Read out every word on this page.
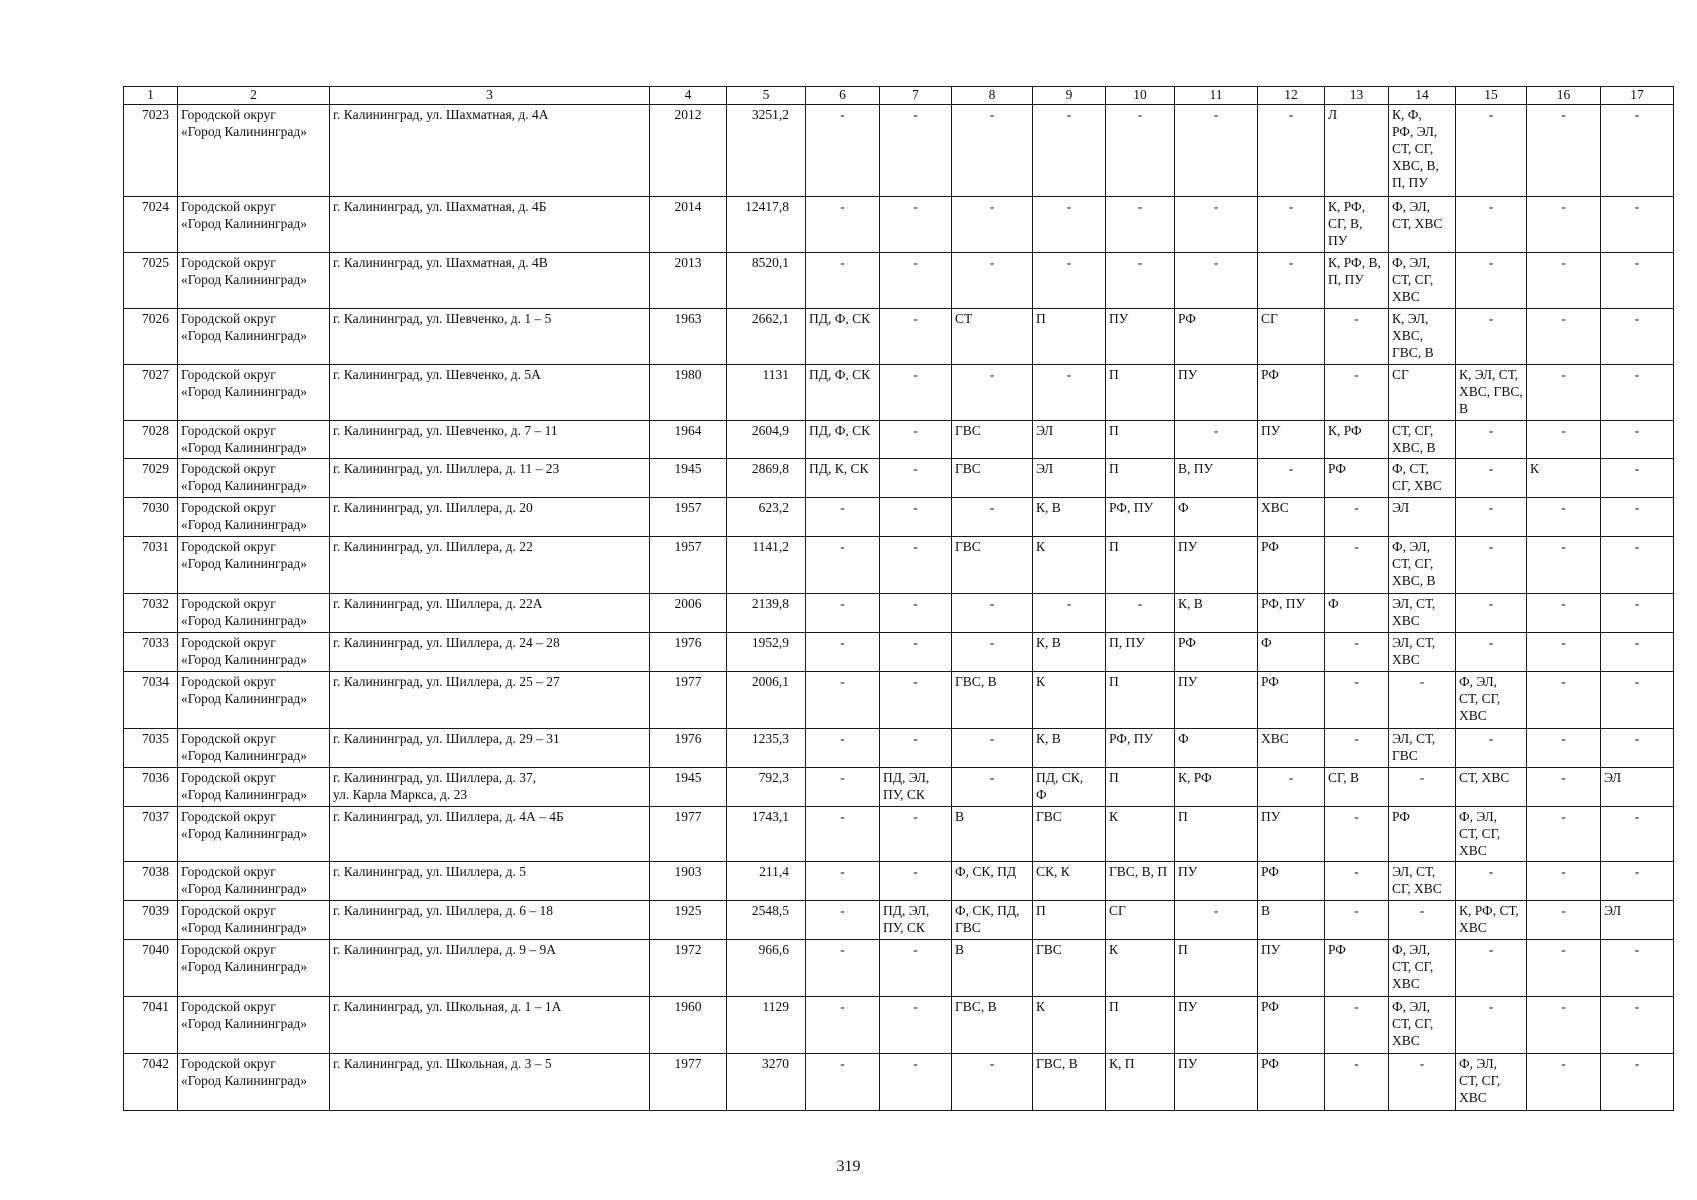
1	2	3	4	5	6	7	8	9	10	11	12	13	14	15	16	17
7023	Городской округ
«Город Калининград»	г. Калининград, ул. Шахматная, д. 4А	2012	3251,2	-	-	-	-	-	-	-	Л	К, Ф,
РФ, ЭЛ,
СТ, СГ,
ХВС, В,
П, ПУ	-	-	-
7024	Городской округ
«Город Калининград»	г. Калининград, ул. Шахматная, д. 4Б	2014	12417,8	-	-	-	-	-	-	-	К, РФ,
СГ, В,
ПУ	Ф, ЭЛ,
СТ, ХВС	-	-	-
7025	Городской округ
«Город Калининград»	г. Калининград, ул. Шахматная, д. 4В	2013	8520,1	-	-	-	-	-	-	-	К, РФ, В,
П, ПУ	Ф, ЭЛ,
СТ, СГ,
ХВС	-	-	-
7026	Городской округ
«Город Калининград»	г. Калининград, ул. Шевченко, д. 1 – 5	1963	2662,1	ПД, Ф, СК	-	СТ	П	ПУ	РФ	СГ	-	К, ЭЛ,
ХВС,
ГВС, В	-	-	-
7027	Городской округ
«Город Калининград»	г. Калининград, ул. Шевченко, д. 5А	1980	1131	ПД, Ф, СК	-	-	-	П	ПУ	РФ	-	СГ	К, ЭЛ, СТ,
ХВС, ГВС,
В	-	-
7028	Городской округ
«Город Калининград»	г. Калининград, ул. Шевченко, д. 7 – 11	1964	2604,9	ПД, Ф, СК	-	ГВС	ЭЛ	П	-	ПУ	К, РФ	СТ, СГ,
ХВС, В	-	-	-
7029	Городской округ
«Город Калининград»	г. Калининград, ул. Шиллера, д. 11 – 23	1945	2869,8	ПД, К, СК	-	ГВС	ЭЛ	П	В, ПУ	-	РФ	Ф, СТ,
СГ, ХВС	-	К	-
7030	Городской округ
«Город Калининград»	г. Калининград, ул. Шиллера, д. 20	1957	623,2	-	-	-	К, В	РФ, ПУ	Ф	ХВС	-	ЭЛ	-	-	-
7031	Городской округ
«Город Калининград»	г. Калининград, ул. Шиллера, д. 22	1957	1141,2	-	-	ГВС	К	П	ПУ	РФ	-	Ф, ЭЛ,
СТ, СГ,
ХВС, В	-	-	-
7032	Городской округ
«Город Калининград»	г. Калининград, ул. Шиллера, д. 22А	2006	2139,8	-	-	-	-	-	К, В	РФ, ПУ	Ф	ЭЛ, СТ,
ХВС	-	-	-
7033	Городской округ
«Город Калининград»	г. Калининград, ул. Шиллера, д. 24 – 28	1976	1952,9	-	-	-	К, В	П, ПУ	РФ	Ф	-	ЭЛ, СТ,
ХВС	-	-	-
7034	Городской округ
«Город Калининград»	г. Калининград, ул. Шиллера, д. 25 – 27	1977	2006,1	-	-	ГВС, В	К	П	ПУ	РФ	-	-	Ф, ЭЛ,
СТ, СГ,
ХВС	-	-
7035	Городской округ
«Город Калининград»	г. Калининград, ул. Шиллера, д. 29 – 31	1976	1235,3	-	-	-	К, В	РФ, ПУ	Ф	ХВС	-	ЭЛ, СТ,
ГВС	-	-	-
7036	Городской округ
«Город Калининград»	г. Калининград, ул. Шиллера, д. 37,
ул. Карла Маркса, д. 23	1945	792,3	-	ПД, ЭЛ,
ПУ, СК	-	ПД, СК,
Ф	П	К, РФ	-	СГ, В	-	СТ, ХВС	-	ЭЛ
7037	Городской округ
«Город Калининград»	г. Калининград, ул. Шиллера, д. 4А – 4Б	1977	1743,1	-	-	В	ГВС	К	П	ПУ	-	РФ	Ф, ЭЛ,
СТ, СГ,
ХВС	-	-
7038	Городской округ
«Город Калининград»	г. Калининград, ул. Шиллера, д. 5	1903	211,4	-	-	Ф, СК, ПД	СК, К	ГВС, В, П	ПУ	РФ	-	ЭЛ, СТ,
СГ, ХВС	-	-	-
7039	Городской округ
«Город Калининград»	г. Калининград, ул. Шиллера, д. 6 – 18	1925	2548,5	-	ПД, ЭЛ,
ПУ, СК	Ф, СК, ПД,
ГВС	П	СГ	-	В	-	-	К, РФ, СТ,
ХВС	-	ЭЛ
7040	Городской округ
«Город Калининград»	г. Калининград, ул. Шиллера, д. 9 – 9А	1972	966,6	-	-	В	ГВС	К	П	ПУ	РФ	Ф, ЭЛ,
СТ, СГ,
ХВС	-	-	-
7041	Городской округ
«Город Калининград»	г. Калининград, ул. Школьная, д. 1 – 1А	1960	1129	-	-	ГВС, В	К	П	ПУ	РФ	-	Ф, ЭЛ,
СТ, СГ,
ХВС	-	-	-
7042	Городской округ
«Город Калининград»	г. Калининград, ул. Школьная, д. 3 – 5	1977	3270	-	-	-	ГВС, В	К, П	ПУ	РФ	-	-	Ф, ЭЛ,
СТ, СГ,
ХВС	-	-
319
